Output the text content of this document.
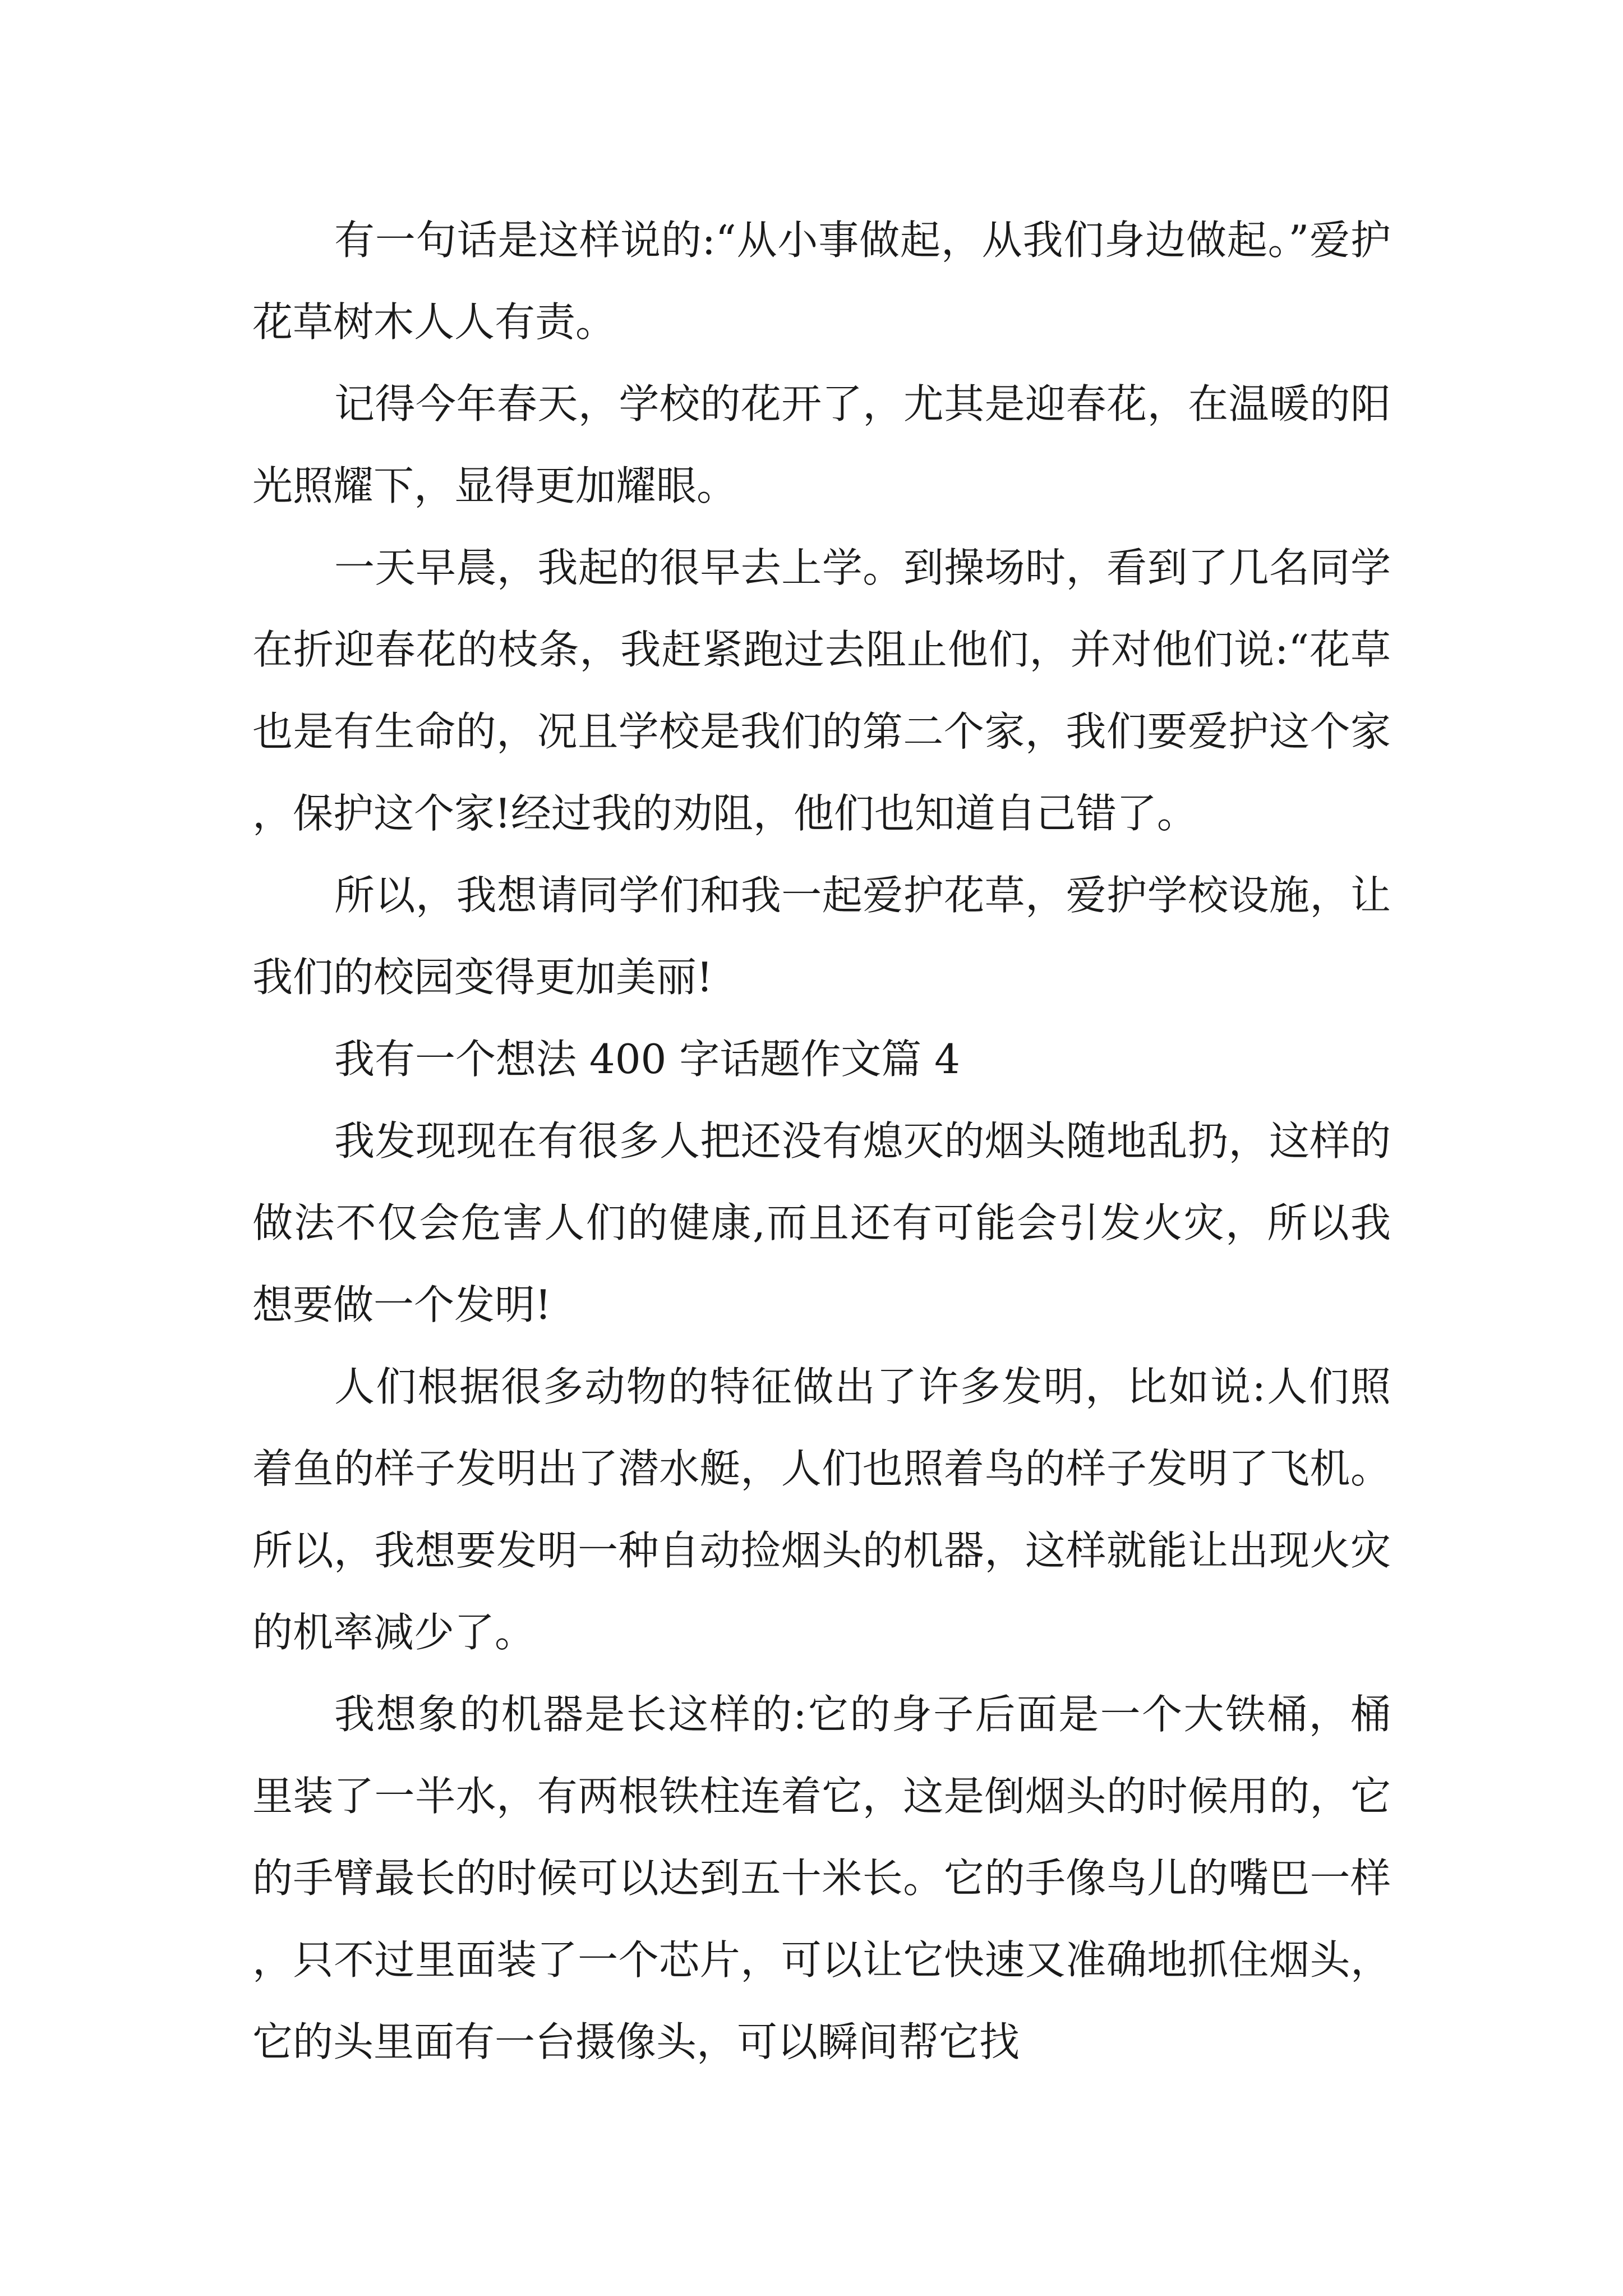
有一句话是这样说的:“从小事做起，从我们身边做起。”爱护花草树木人人有责。

记得今年春天，学校的花开了，尤其是迎春花，在温暖的阳光照耀下，显得更加耀眼。

一天早晨，我起的很早去上学。到操场时，看到了几名同学在折迎春花的枝条，我赶紧跑过去阻止他们，并对他们说:“花草也是有生命的，况且学校是我们的第二个家，我们要爱护这个家，保护这个家!经过我的劝阻，他们也知道自己错了。

所以，我想请同学们和我一起爱护花草，爱护学校设施，让我们的校园变得更加美丽!

我有一个想法 400 字话题作文篇 4

我发现现在有很多人把还没有熄灭的烟头随地乱扔，这样的做法不仅会危害人们的健康,而且还有可能会引发火灾，所以我想要做一个发明!

人们根据很多动物的特征做出了许多发明，比如说:人们照着鱼的样子发明出了潜水艇，人们也照着鸟的样子发明了飞机。所以，我想要发明一种自动捡烟头的机器，这样就能让出现火灾的机率减少了。

我想象的机器是长这样的:它的身子后面是一个大铁桶，桶里装了一半水，有两根铁柱连着它，这是倒烟头的时候用的，它的手臂最长的时候可以达到五十米长。它的手像鸟儿的嘴巴一样，只不过里面装了一个芯片，可以让它快速又准确地抓住烟头，它的头里面有一台摄像头，可以瞬间帮它找
